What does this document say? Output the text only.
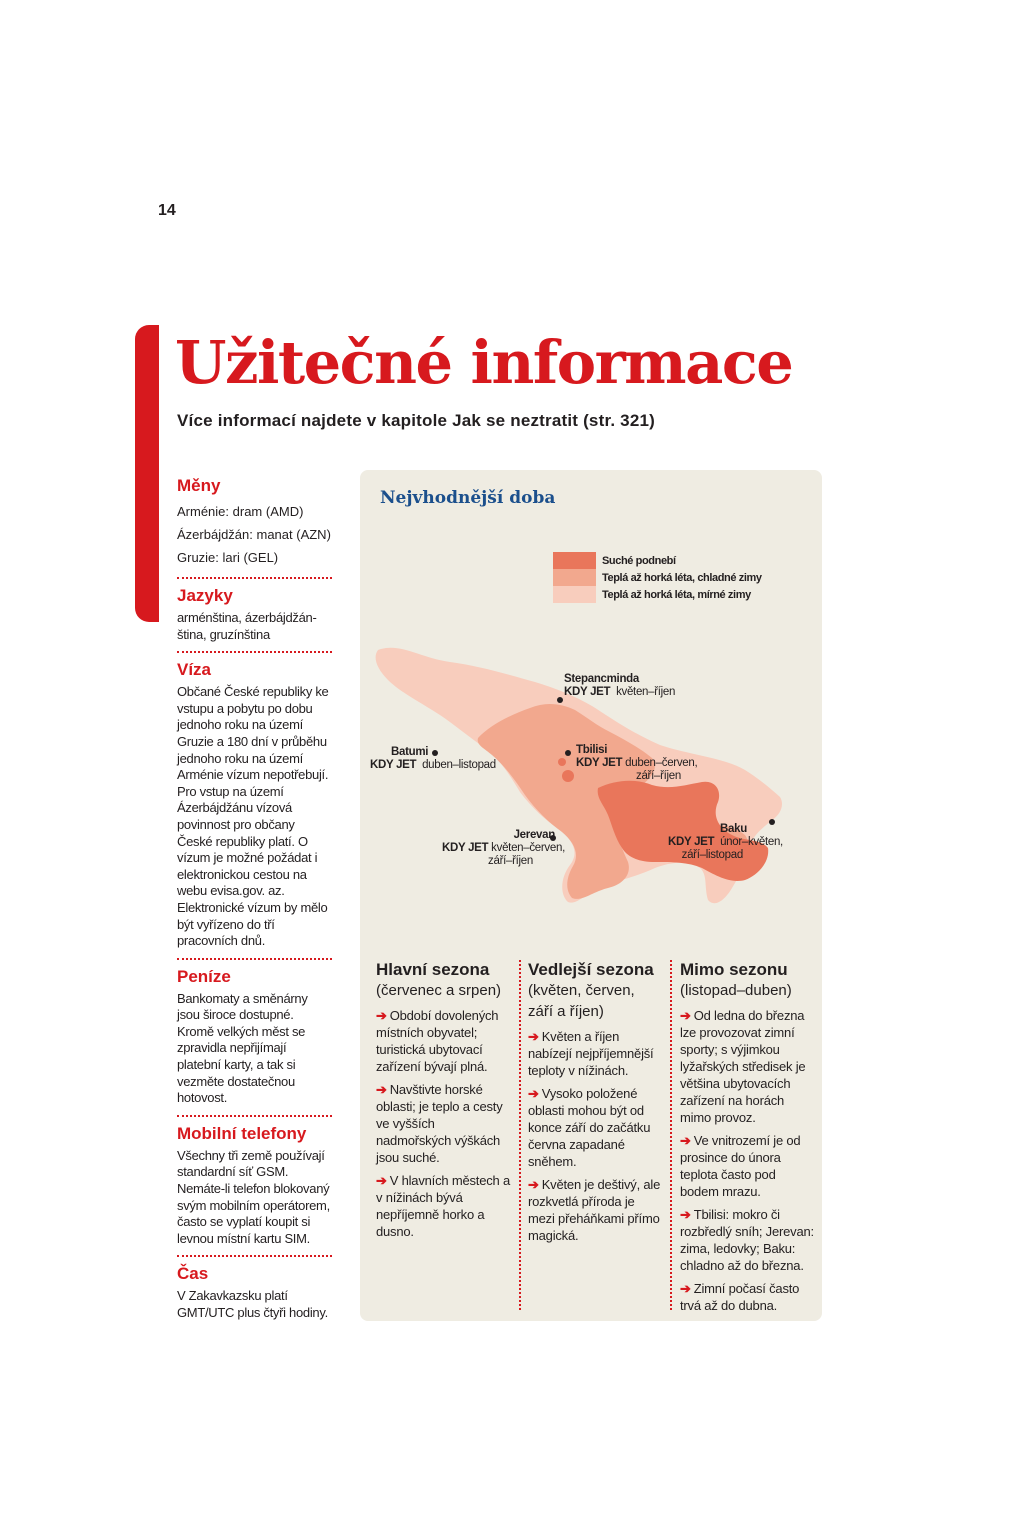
14
Užitečné informace

Více informací najdete v kapitole Jak se neztratit (str. 321)

Měny
Arménie: dram (AMD)
Ázerbájdžán: manat (AZN)
Gruzie: lari (GEL)
Jazyky
arménština, ázerbájdžánština, gruzínština
Víza
Občané České republiky ke vstupu a pobytu po dobu jednoho roku na území Gruzie a 180 dní v průběhu jednoho roku na území Arménie vízum nepotřebují. Pro vstup na území Ázerbájdžánu vízová povinnost pro občany České republiky platí. O vízum je možné požádat i elektronickou cestou na webu evisa.gov. az. Elektronické vízum by mělo být vyřízeno do tří pracovních dnů.
Peníze
Bankomaty a směnárny jsou široce dostupné. Kromě velkých měst se zpravidla nepřijímají platební karty, a tak si vezměte dostatečnou hotovost.
Mobilní telefony
Všechny tři země používají standardní síť GSM. Nemáte-li telefon blokovaný svým mobilním operátorem, často se vyplatí koupit si levnou místní kartu SIM.
Čas
V Zakavkazsku platí GMT/UTC plus čtyři hodiny.
Nejvhodnější doba
Suché podnebí
Teplá až horká léta, chladné zimy
Teplá až horká léta, mírné zimy
Stepancminda
KDY JET květen–říjen
Batumi
KDY JET duben–listopad
Tbilisi
KDY JET duben–červen,
září–říjen
Jerevan
KDY JET květen–červen,
září–říjen
Baku
KDY JET únor–květen,
září–listopad
Hlavní sezona
(červenec a srpen)
➔ Období dovolených místních obyvatel; turistická ubytovací zařízení bývají plná.
➔ Navštivte horské oblasti; je teplo a cesty ve vyšších nadmořských výškách jsou suché.
➔ V hlavních městech a v nížinách bývá nepříjemně horko a dusno.
Vedlejší sezona
(květen, červen, září a říjen)
➔ Květen a říjen nabízejí nejpříjemnější teploty v nížinách.
➔ Vysoko položené oblasti mohou být od konce září do začátku června zapadané sněhem.
➔ Květen je deštivý, ale rozkvetlá příroda je mezi přeháňkami přímo magická.
Mimo sezonu
(listopad–duben)
➔ Od ledna do března lze provozovat zimní sporty; s výjimkou lyžařských středisek je většina ubytovacích zařízení na horách mimo provoz.
➔ Ve vnitrozemí je od prosince do února teplota často pod bodem mrazu.
➔ Tbilisi: mokro či rozbředlý sníh; Jerevan: zima, ledovky; Baku: chladno až do března.
➔ Zimní počasí často trvá až do dubna.
